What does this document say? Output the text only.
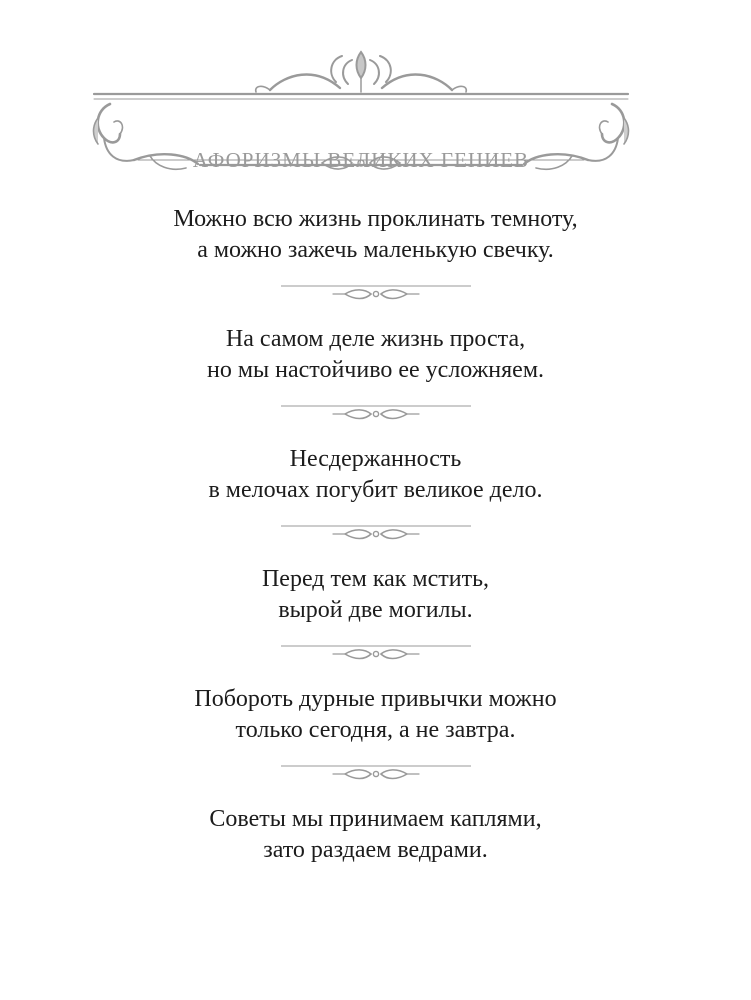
АФОРИЗМЫ ВЕЛИКИХ ГЕНИЕВ
Можно всю жизнь проклинать темноту,
а можно зажечь маленькую свечку.
На самом деле жизнь проста,
но мы настойчиво ее усложняем.
Несдержанность
в мелочах погубит великое дело.
Перед тем как мстить,
вырой две могилы.
Побороть дурные привычки можно
только сегодня, а не завтра.
Советы мы принимаем каплями,
зато раздаем ведрами.
